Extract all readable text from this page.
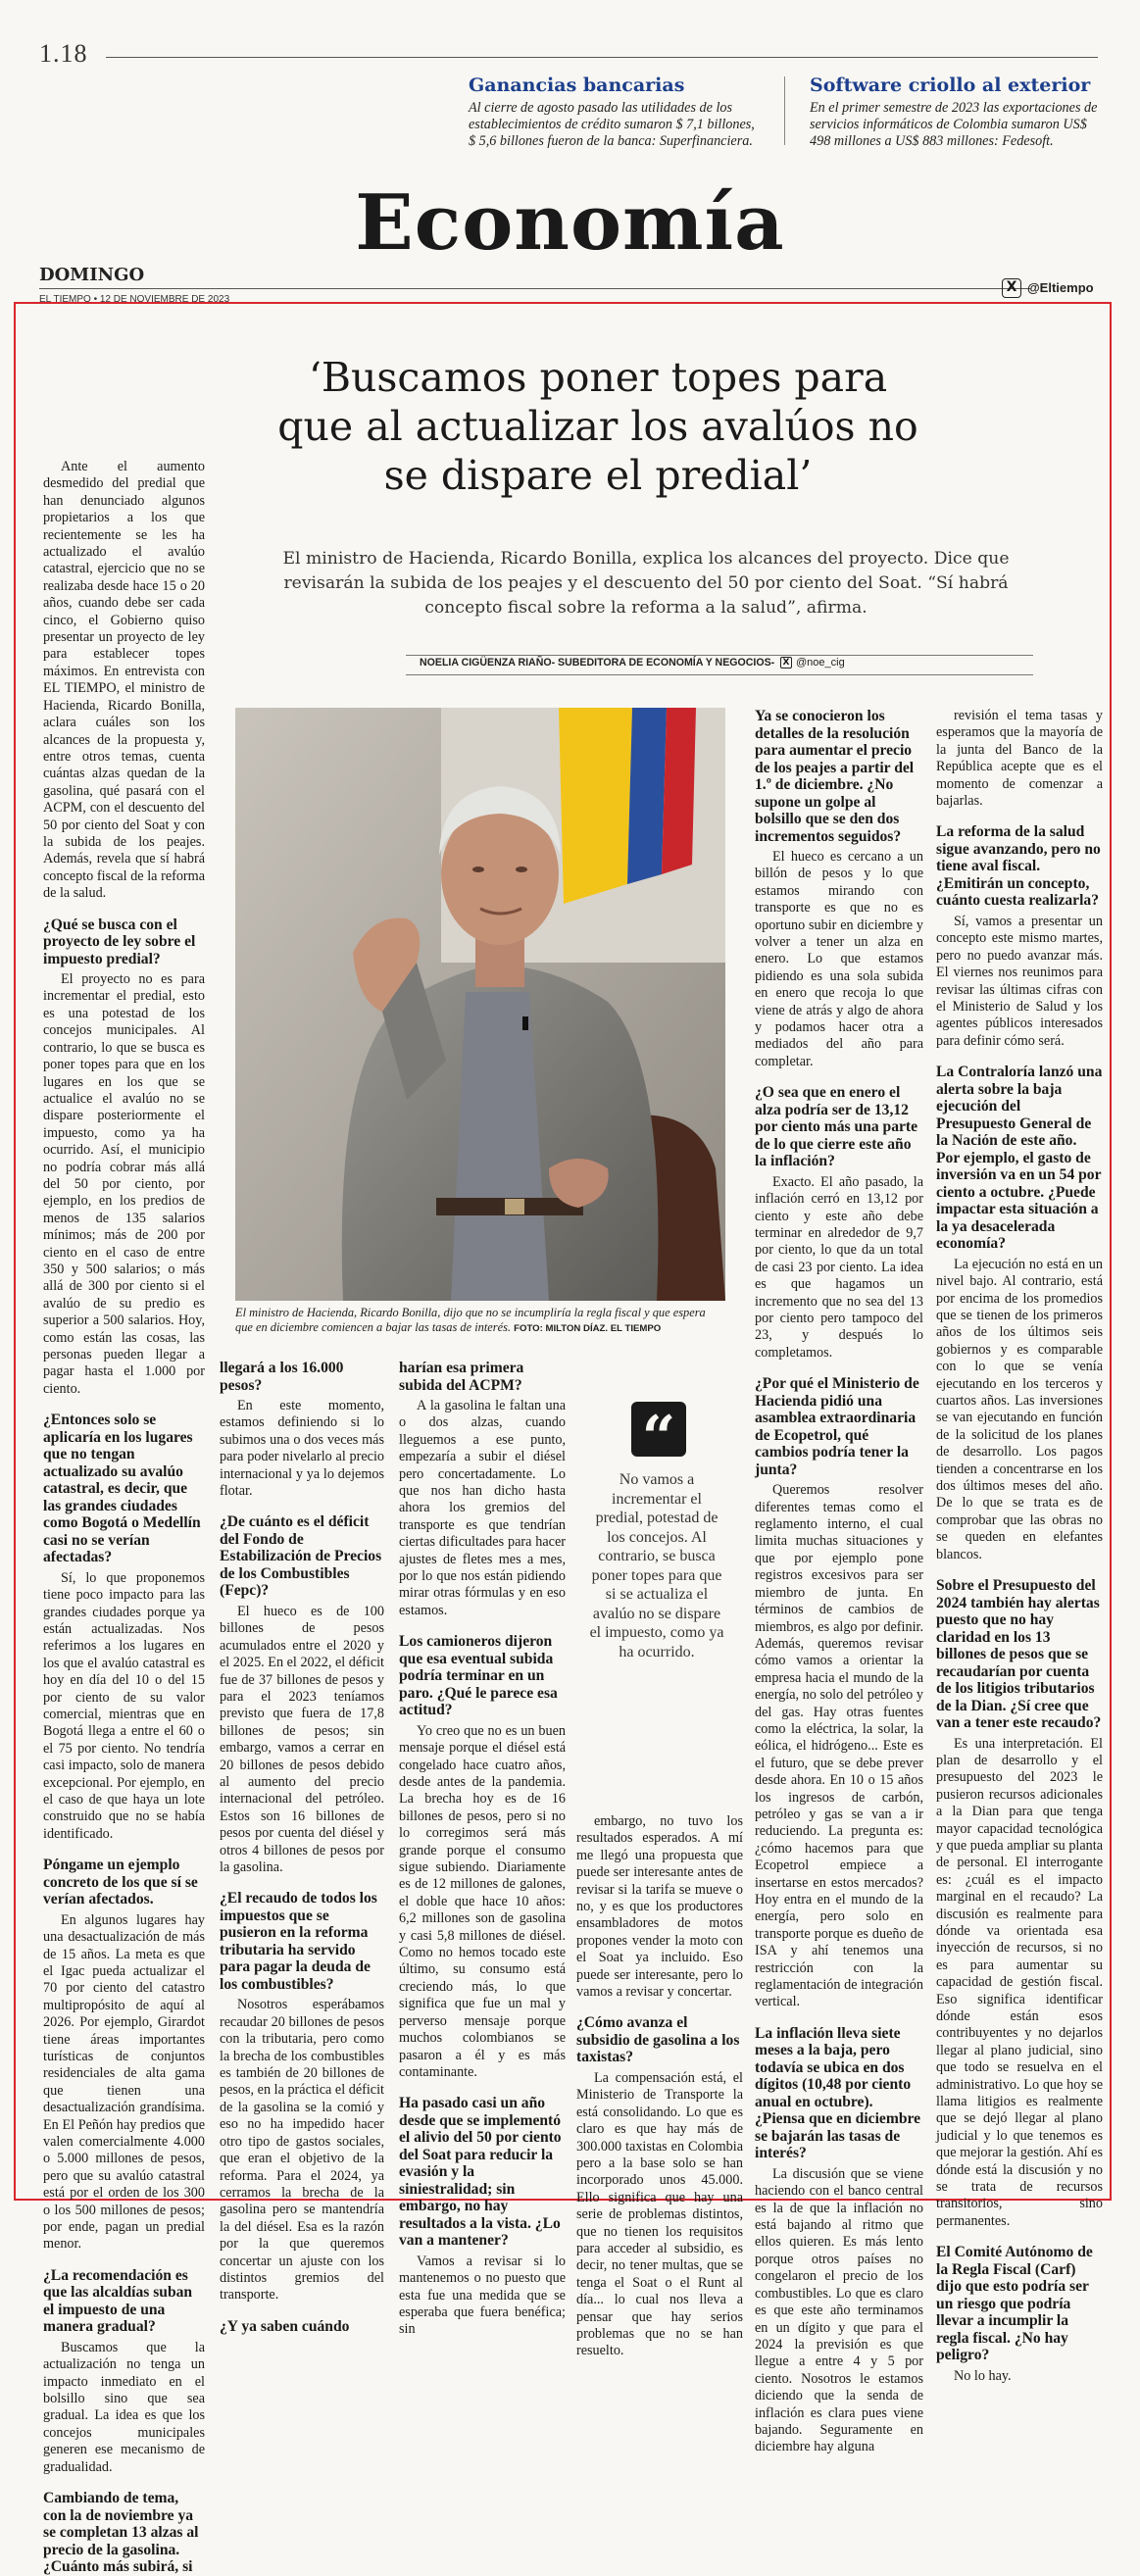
1.18
Ganancias bancarias
Al cierre de agosto pasado las utilidades de los establecimientos de crédito sumaron $ 7,1 billones, $ 5,6 billones fueron de la banca: Superfinanciera.
Software criollo al exterior
En el primer semestre de 2023 las exportaciones de servicios informáticos de Colombia sumaron US$ 498 millones a US$ 883 millones: Fedesoft.
Economía
DOMINGO
EL TIEMPO • 12 DE NOVIEMBRE DE 2023
X @Eltiempo
‘Buscamos poner topes para que al actualizar los avalúos no se dispare el predial’
El ministro de Hacienda, Ricardo Bonilla, explica los alcances del proyecto. Dice que revisarán la subida de los peajes y el descuento del 50 por ciento del Soat. “Sí habrá concepto fiscal sobre la reforma a la salud”, afirma.
NOELIA CIGÜENZA RIAÑO- SUBEDITORA DE ECONOMÍA Y NEGOCIOS- X @noe_cig
El ministro de Hacienda, Ricardo Bonilla, dijo que no se incumpliría la regla fiscal y que espera que en diciembre comiencen a bajar las tasas de interés. FOTO: MILTON DÍAZ. EL TIEMPO

Ante el aumento desmedido del predial que han denunciado algunos propietarios a los que recientemente se les ha actualizado el avalúo catastral, ejercicio que no se realizaba desde hace 15 o 20 años, cuando debe ser cada cinco, el Gobierno quiso presentar un proyecto de ley para establecer topes máximos. En entrevista con EL TIEMPO, el ministro de Hacienda, Ricardo Bonilla, aclara cuáles son los alcances de la propuesta y, entre otros temas, cuenta cuántas alzas quedan de la gasolina, qué pasará con el ACPM, con el descuento del 50 por ciento del Soat y con la subida de los peajes. Además, revela que sí habrá concepto fiscal de la reforma de la salud.

¿Qué se busca con el proyecto de ley sobre el impuesto predial?

El proyecto no es para incrementar el predial, esto es una potestad de los concejos municipales. Al contrario, lo que se busca es poner topes para que en los lugares en los que se actualice el avalúo no se dispare posteriormente el impuesto, como ya ha ocurrido. Así, el municipio no podría cobrar más allá del 50 por ciento, por ejemplo, en los predios de menos de 135 salarios mínimos; más de 200 por ciento en el caso de entre 350 y 500 salarios; o más allá de 300 por ciento si el avalúo de su predio es superior a 500 salarios. Hoy, como están las cosas, las personas pueden llegar a pagar hasta el 1.000 por ciento.

¿Entonces solo se aplicaría en los lugares que no tengan actualizado su avalúo catastral, es decir, que las grandes ciudades como Bogotá o Medellín casi no se verían afectadas?

Sí, lo que proponemos tiene poco impacto para las grandes ciudades porque ya están actualizadas. Nos referimos a los lugares en los que el avalúo catastral es hoy en día del 10 o del 15 por ciento de su valor comercial, mientras que en Bogotá llega a entre el 60 o el 75 por ciento. No tendría casi impacto, solo de manera excepcional. Por ejemplo, en el caso de que haya un lote construido que no se había identificado.

Póngame un ejemplo concreto de los que sí se verían afectados.

En algunos lugares hay una desactualización de más de 15 años. La meta es que el Igac pueda actualizar el 70 por ciento del catastro multipropósito de aquí al 2026. Por ejemplo, Girardot tiene áreas importantes turísticas de conjuntos residenciales de alta gama que tienen una desactualización grandísima. En El Peñón hay predios que valen comercialmente 4.000 o 5.000 millones de pesos, pero que su avalúo catastral está por el orden de los 300 o los 500 millones de pesos; por ende, pagan un predial menor.

¿La recomendación es que las alcaldías suban el impuesto de una manera gradual?

Buscamos que la actualización no tenga un impacto inmediato en el bolsillo sino que sea gradual. La idea es que los concejos municipales generen ese mecanismo de gradualidad.

Cambiando de tema, con la de noviembre ya se completan 13 alzas al precio de la gasolina. ¿Cuánto más subirá, si
llegará a los 16.000 pesos?

En este momento, estamos definiendo si lo subimos una o dos veces más para poder nivelarlo al precio internacional y ya lo dejemos flotar.

¿De cuánto es el déficit del Fondo de Estabilización de Precios de los Combustibles (Fepc)?

El hueco es de 100 billones de pesos acumulados entre el 2020 y el 2025. En el 2022, el déficit fue de 37 billones de pesos y para el 2023 teníamos previsto que fuera de 17,8 billones de pesos; sin embargo, vamos a cerrar en 20 billones de pesos debido al aumento del precio internacional del petróleo. Estos son 16 billones de pesos por cuenta del diésel y otros 4 billones de pesos por la gasolina.

¿El recaudo de todos los impuestos que se pusieron en la reforma tributaria ha servido para pagar la deuda de los combustibles?

Nosotros esperábamos recaudar 20 billones de pesos con la tributaria, pero como la brecha de los combustibles es también de 20 billones de pesos, en la práctica el déficit de la gasolina se la comió y eso no ha impedido hacer otro tipo de gastos sociales, que eran el objetivo de la reforma. Para el 2024, ya cerramos la brecha de la gasolina pero se mantendría la del diésel. Esa es la razón por la que queremos concertar un ajuste con los distintos gremios del transporte.

¿Y ya saben cuándo
harían esa primera subida del ACPM?

A la gasolina le faltan una o dos alzas, cuando lleguemos a ese punto, empezaría a subir el diésel pero concertadamente. Lo que nos han dicho hasta ahora los gremios del transporte es que tendrían ciertas dificultades para hacer ajustes de fletes mes a mes, por lo que nos están pidiendo mirar otras fórmulas y en eso estamos.

Los camioneros dijeron que esa eventual subida podría terminar en un paro. ¿Qué le parece esa actitud?

Yo creo que no es un buen mensaje porque el diésel está congelado hace cuatro años, desde antes de la pandemia. La brecha hoy es de 16 billones de pesos, pero si no lo corregimos será más grande porque el consumo sigue subiendo. Diariamente es de 12 millones de galones, el doble que hace 10 años: 6,2 millones son de gasolina y casi 5,8 millones de diésel. Como no hemos tocado este último, su consumo está creciendo más, lo que significa que fue un mal y perverso mensaje porque muchos colombianos se pasaron a él y es más contaminante.

Ha pasado casi un año desde que se implementó el alivio del 50 por ciento del Soat para reducir la evasión y la siniestralidad; sin embargo, no hay resultados a la vista. ¿Lo van a mantener?

Vamos a revisar si lo mantenemos o no puesto que esta fue una medida que se esperaba que fuera benéfica; sin

“
No vamos a incrementar el predial, potestad de los concejos. Al contrario, se busca poner topes para que si se actualiza el avalúo no se dispare el impuesto, como ya ha ocurrido.

embargo, no tuvo los resultados esperados. A mí me llegó una propuesta que puede ser interesante antes de revisar si la tarifa se mueve o no, y es que los productores ensambladores de motos propones vender la moto con el Soat ya incluido. Eso puede ser interesante, pero lo vamos a revisar y concertar.

¿Cómo avanza el subsidio de gasolina a los taxistas?

La compensación está, el Ministerio de Transporte la está consolidando. Lo que es claro es que hay más de 300.000 taxistas en Colombia pero a la base solo se han incorporado unos 45.000. Ello significa que hay una serie de problemas distintos, que no tienen los requisitos para acceder al subsidio, es decir, no tener multas, que se tenga el Soat o el Runt al día... lo cual nos lleva a pensar que hay serios problemas que no se han resuelto.

Ya se conocieron los detalles de la resolución para aumentar el precio de los peajes a partir del 1.º de diciembre. ¿No supone un golpe al bolsillo que se den dos incrementos seguidos?

El hueco es cercano a un billón de pesos y lo que estamos mirando con transporte es que no es oportuno subir en diciembre y volver a tener un alza en enero. Lo que estamos pidiendo es una sola subida en enero que recoja lo que viene de atrás y algo de ahora y podamos hacer otra a mediados del año para completar.

¿O sea que en enero el alza podría ser de 13,12 por ciento más una parte de lo que cierre este año la inflación?

Exacto. El año pasado, la inflación cerró en 13,12 por ciento y este año debe terminar en alrededor de 9,7 por ciento, lo que da un total de casi 23 por ciento. La idea es que hagamos un incremento que no sea del 13 por ciento pero tampoco del 23, y después lo completamos.

¿Por qué el Ministerio de Hacienda pidió una asamblea extraordinaria de Ecopetrol, qué cambios podría tener la junta?

Queremos resolver diferentes temas como el reglamento interno, el cual limita muchas situaciones y que por ejemplo pone registros excesivos para ser miembro de junta. En términos de cambios de miembros, es algo por definir. Además, queremos revisar cómo vamos a orientar la empresa hacia el mundo de la energía, no solo del petróleo y del gas. Hay otras fuentes como la eléctrica, la solar, la eólica, el hidrógeno... Este es el futuro, que se debe prever desde ahora. En 10 o 15 años los ingresos de carbón, petróleo y gas se van a ir reduciendo. La pregunta es: ¿cómo hacemos para que Ecopetrol empiece a insertarse en estos mercados? Hoy entra en el mundo de la energía, pero solo en transporte porque es dueño de ISA y ahí tenemos una restricción con la reglamentación de integración vertical.

La inflación lleva siete meses a la baja, pero todavía se ubica en dos dígitos (10,48 por ciento anual en octubre). ¿Piensa que en diciembre se bajarán las tasas de interés?

La discusión que se viene haciendo con el banco central es la de que la inflación no está bajando al ritmo que ellos quieren. Es más lento porque otros países no congelaron el precio de los combustibles. Lo que es claro es que este año terminamos en un dígito y que para el 2024 la previsión es que llegue a entre 4 y 5 por ciento. Nosotros le estamos diciendo que la senda de inflación es clara pues viene bajando. Seguramente en diciembre hay alguna

revisión el tema tasas y esperamos que la mayoría de la junta del Banco de la República acepte que es el momento de comenzar a bajarlas.

La reforma de la salud sigue avanzando, pero no tiene aval fiscal. ¿Emitirán un concepto, cuánto cuesta realizarla?

Sí, vamos a presentar un concepto este mismo martes, pero no puedo avanzar más. El viernes nos reunimos para revisar las últimas cifras con el Ministerio de Salud y los agentes públicos interesados para definir cómo será.

La Contraloría lanzó una alerta sobre la baja ejecución del Presupuesto General de la Nación de este año. Por ejemplo, el gasto de inversión va en un 54 por ciento a octubre. ¿Puede impactar esta situación a la ya desacelerada economía?

La ejecución no está en un nivel bajo. Al contrario, está por encima de los promedios que se tienen de los primeros años de los últimos seis gobiernos y es comparable con lo que se venía ejecutando en los terceros y cuartos años. Las inversiones se van ejecutando en función de la solicitud de los planes de desarrollo. Los pagos tienden a concentrarse en los dos últimos meses del año. De lo que se trata es de comprobar que las obras no se queden en elefantes blancos.

Sobre el Presupuesto del 2024 también hay alertas puesto que no hay claridad en los 13 billones de pesos que se recaudarían por cuenta de los litigios tributarios de la Dian. ¿Sí cree que van a tener este recaudo?

Es una interpretación. El plan de desarrollo y el presupuesto del 2023 le pusieron recursos adicionales a la Dian para que tenga mayor capacidad tecnológica y que pueda ampliar su planta de personal. El interrogante es: ¿cuál es el impacto marginal en el recaudo? La discusión es realmente para dónde va orientada esa inyección de recursos, si no es para aumentar su capacidad de gestión fiscal. Eso significa identificar dónde están esos contribuyentes y no dejarlos llegar al plano judicial, sino que todo se resuelva en el administrativo. Lo que hoy se llama litigios es realmente que se dejó llegar al plano judicial y lo que tenemos es que mejorar la gestión. Ahí es dónde está la discusión y no se trata de recursos transitorios, sino permanentes.

El Comité Autónomo de la Regla Fiscal (Carf) dijo que esto podría ser un riesgo que podría llevar a incumplir la regla fiscal. ¿No hay peligro?

No lo hay.
